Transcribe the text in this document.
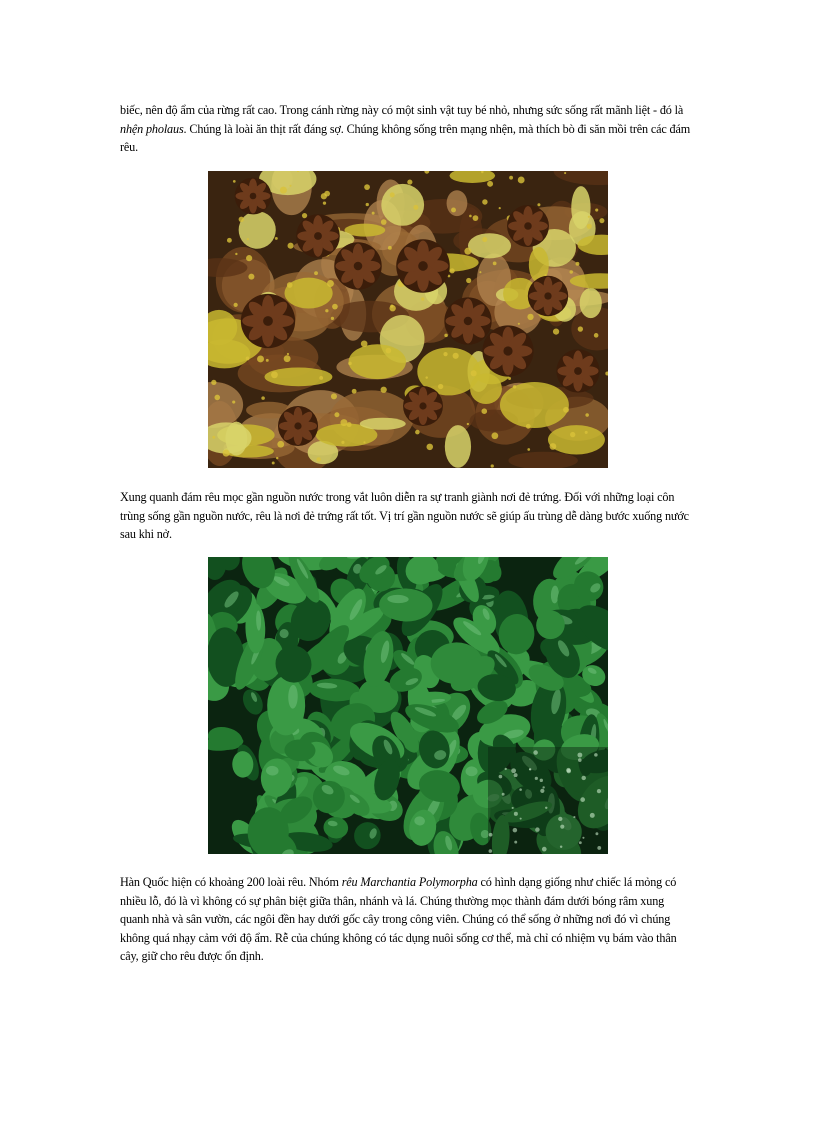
biếc, nên độ ẩm của rừng rất cao. Trong cánh rừng này có một sinh vật tuy bé nhỏ, nhưng sức sống rất mãnh liệt - đó là nhện pholaus. Chúng là loài ăn thịt rất đáng sợ. Chúng không sống trên mạng nhện, mà thích bò đi săn mồi trên các đám rêu.

Xung quanh đám rêu mọc gần nguồn nước trong vắt luôn diễn ra sự tranh giành nơi đẻ trứng. Đối với những loại côn trùng sống gần nguồn nước, rêu là nơi đẻ trứng rất tốt. Vị trí gần nguồn nước sẽ giúp ấu trùng dễ dàng bước xuống nước sau khi nở.

Hàn Quốc hiện có khoảng 200 loài rêu. Nhóm rêu Marchantia Polymorpha có hình dạng giống như chiếc lá mỏng có nhiều lỗ, đó là vì không có sự phân biệt giữa thân, nhánh và lá. Chúng thường mọc thành đám dưới bóng râm xung quanh nhà và sân vườn, các ngôi đền hay dưới gốc cây trong công viên. Chúng có thể sống ở những nơi đó vì chúng không quá nhạy cảm với độ ẩm. Rễ của chúng không có tác dụng nuôi sống cơ thể, mà chỉ có nhiệm vụ bám vào thân cây, giữ cho rêu được ổn định.
